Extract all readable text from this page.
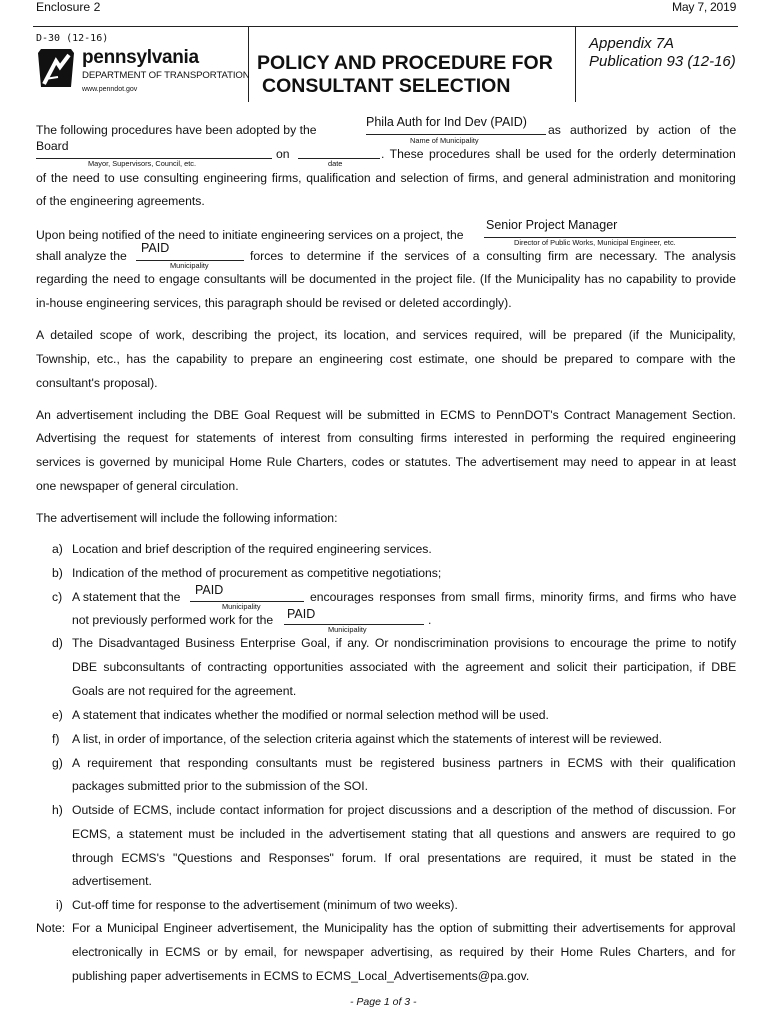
Enclosure 2	May 7, 2019
D-30 (12-16)
pennsylvania
DEPARTMENT OF TRANSPORTATION
www.penndot.gov
POLICY AND PROCEDURE FOR
CONSULTANT SELECTION
Appendix 7A
Publication 93 (12-16)
The following procedures have been adopted by the
Phila Auth for Ind Dev (PAID)
Name of Municipality
as authorized by action of the
Board
on	. These procedures shall be used for the orderly determination
Mayor, Supervisors, Council, etc.	date
of the need to use consulting engineering firms, qualification and selection of firms, and general administration and monitoring
of the engineering agreements.
Upon being notified of the need to initiate engineering services on a project, the
Senior Project Manager
Director of Public Works, Municipal Engineer, etc.
shall analyze the
PAID
Municipality
forces to determine if the services of a consulting firm are necessary. The analysis
regarding the need to engage consultants will be documented in the project file. (If the Municipality has no capability to provide
in-house engineering services, this paragraph should be revised or deleted accordingly).
A detailed scope of work, describing the project, its location, and services required, will be prepared (if the Municipality,
Township, etc., has the capability to prepare an engineering cost estimate, one should be prepared to compare with the
consultant's proposal).
An advertisement including the DBE Goal Request will be submitted in ECMS to PennDOT's Contract Management Section.
Advertising the request for statements of interest from consulting firms interested in performing the required engineering
services is governed by municipal Home Rule Charters, codes or statutes. The advertisement may need to appear in at least
one newspaper of general circulation.
The advertisement will include the following information:
a) Location and brief description of the required engineering services.
b) Indication of the method of procurement as competitive negotiations;
c) A statement that the PAID
Municipality
encourages responses from small firms, minority firms, and firms who have
not previously performed work for the PAID
Municipality
.
d) The Disadvantaged Business Enterprise Goal, if any. Or nondiscrimination provisions to encourage the prime to notify
DBE subconsultants of contracting opportunities associated with the agreement and solicit their participation, if DBE
Goals are not required for the agreement.
e) A statement that indicates whether the modified or normal selection method will be used.
f) A list, in order of importance, of the selection criteria against which the statements of interest will be reviewed.
g) A requirement that responding consultants must be registered business partners in ECMS with their qualification
packages submitted prior to the submission of the SOI.
h) Outside of ECMS, include contact information for project discussions and a description of the method of discussion. For
ECMS, a statement must be included in the advertisement stating that all questions and answers are required to go
through ECMS's "Questions and Responses" forum. If oral presentations are required, it must be stated in the
advertisement.
i) Cut-off time for response to the advertisement (minimum of two weeks).
Note: For a Municipal Engineer advertisement, the Municipality has the option of submitting their advertisements for approval
electronically in ECMS or by email, for newspaper advertising, as required by their Home Rules Charters, and for
publishing paper advertisements in ECMS to ECMS_Local_Advertisements@pa.gov.
- Page 1 of 3 -
